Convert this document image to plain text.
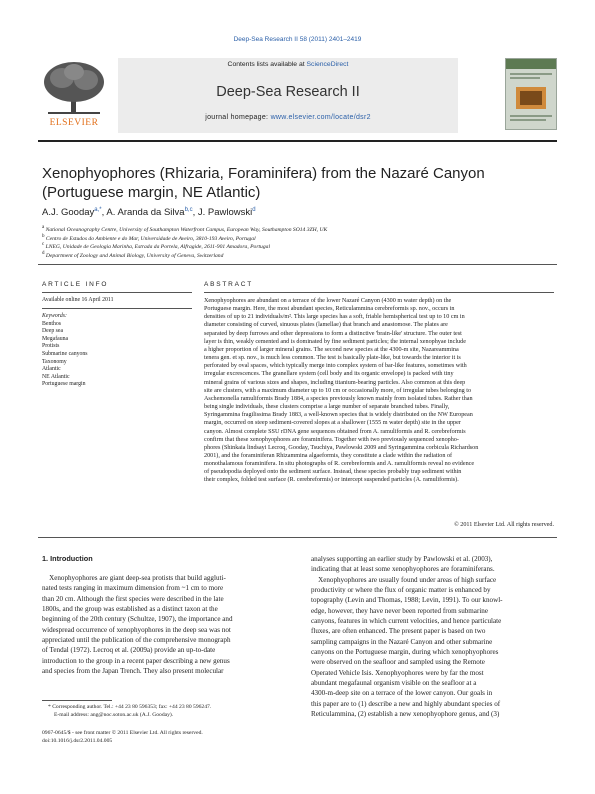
Deep-Sea Research II 58 (2011) 2401–2419
ELSEVIER
Contents lists available at ScienceDirect
Deep-Sea Research II
journal homepage: www.elsevier.com/locate/dsr2
Xenophyophores (Rhizaria, Foraminifera) from the Nazaré Canyon
(Portuguese margin, NE Atlantic)
A.J. Gooday$^{a,*}$, A. Aranda da Silva$^{b,c}$, J. Pawlowski$^d$
$^a$ National Oceanography Centre, University of Southampton Waterfront Campus, European Way, Southampton SO14 3ZH, UK
$^b$ Centro de Estudos do Ambiente e do Mar, Universidade de Aveiro, 3810-193 Aveiro, Portugal
$^c$ LNEG, Unidade de Geologia Marinha, Estrada da Portela, Alfragide, 2611-901 Amadora, Portugal
$^d$ Department of Zoology and Animal Biology, University of Geneva, Switzerland
ARTICLE INFO
Available online 16 April 2011
Keywords:
Benthos
Deep sea
Megafauna
Protists
Submarine canyons
Taxonomy
Atlantic
NE Atlantic
Portuguese margin
ABSTRACT
Xenophyophores are abundant on a terrace of the lower Nazaré Canyon (4300 m water depth) on the
Portuguese margin. Here, the most abundant species, Reticulammina cerebreformis sp. nov., occurs in
densities of up to 21 individuals/m². This large species has a soft, friable hemispherical test up to 10 cm in
diameter consisting of curved, sinuous plates (lamellae) that branch and anastomose. The plates are
separated by deep furrows and other depressions to form a distinctive 'brain-like' structure. The outer test
layer is thin, weakly cemented and is dominated by fine sediment particles; the internal xenophyae include
a higher proportion of larger mineral grains. The second new species at the 4300-m site, Nazareammina
tenera gen. et sp. nov., is much less common. The test is basically plate-like, but towards the interior it is
perforated by oval spaces, which typically merge into complex system of bar-like features, sometimes with
irregular excrescences. The granellare system (cell body and its organic envelope) is packed with tiny
mineral grains of various sizes and shapes, including titanium-bearing particles. Also common at this deep
site are clusters, with a maximum diameter up to 10 cm or occasionally more, of irregular tubes belonging to
Aschemonella ramuliformis Brady 1884, a species previously known mainly from isolated tubes. Rather than
being single individuals, these clusters comprise a large number of separate branched tubes. Finally,
Syringammina fragilissima Brady 1883, a well-known species that is widely distributed on the NW European
margin, occurred on steep sediment-covered slopes at a shallower (1555 m water depth) site in the upper
canyon. Almost complete SSU rDNA gene sequences obtained from A. ramuliformis and R. cerebreformis
confirm that these xenophyophores are foraminifera. Together with two previously sequenced xenopho-
phores (Shinkaia lindsayi Lecroq, Gooday, Tsuchiya, Pawlowski 2009 and Syringammina corbicula Richardson
2001), and the foraminiferan Rhizammina algaeformis, they constitute a clade within the radiation of
monothalamous foraminifera. In situ photographs of R. cerebreformis and A. ramuliformis reveal no evidence
of pseudopodia deployed onto the sediment surface. Instead, these species probably trap sediment within
their complex, folded test surface (R. cerebreformis) or intercept suspended particles (A. ramuliformis).
© 2011 Elsevier Ltd. All rights reserved.
1. Introduction
Xenophyophores are giant deep-sea protists that build aggluti-
nated tests ranging in maximum dimension from ~1 cm to more
than 20 cm. Although the first species were described in the late
1800s, and the group was established as a distinct taxon at the
beginning of the 20th century (Schultze, 1907), the importance and
widespread occurrence of xenophyophores in the deep sea was not
appreciated until the publication of the comprehensive monograph
of Tendal (1972). Lecroq et al. (2009a) provide an up-to-date
introduction to the group in a recent paper describing a new genus
and species from the Japan Trench. They also present molecular
analyses supporting an earlier study by Pawlowski et al. (2003),
indicating that at least some xenophyophores are foraminiferans.
Xenophyophores are usually found under areas of high surface
productivity or where the flux of organic matter is enhanced by
topography (Levin and Thomas, 1988; Levin, 1991). To our knowl-
edge, however, they have never been reported from submarine
canyons, features in which current velocities, and hence particulate
fluxes, are often enhanced. The present paper is based on two
sampling campaigns in the Nazaré Canyon and other submarine
canyons on the Portuguese margin, during which xenophyophores
were observed on the seafloor and sampled using the Remote
Operated Vehicle Isis. Xenophyophores were by far the most
abundant megafaunal organism visible on the seafloor at a
4300-m-deep site on a terrace of the lower canyon. Our goals in
this paper are to (1) describe a new and highly abundant species of
Reticulammina, (2) establish a new xenophyophore genus, and (3)
* Corresponding author. Tel.: +44 23 80 596353; fax: +44 23 80 596247.
E-mail address: ang@noc.soton.ac.uk (A.J. Gooday).
0967-0645/$ - see front matter © 2011 Elsevier Ltd. All rights reserved.
doi:10.1016/j.dsr2.2011.04.005
